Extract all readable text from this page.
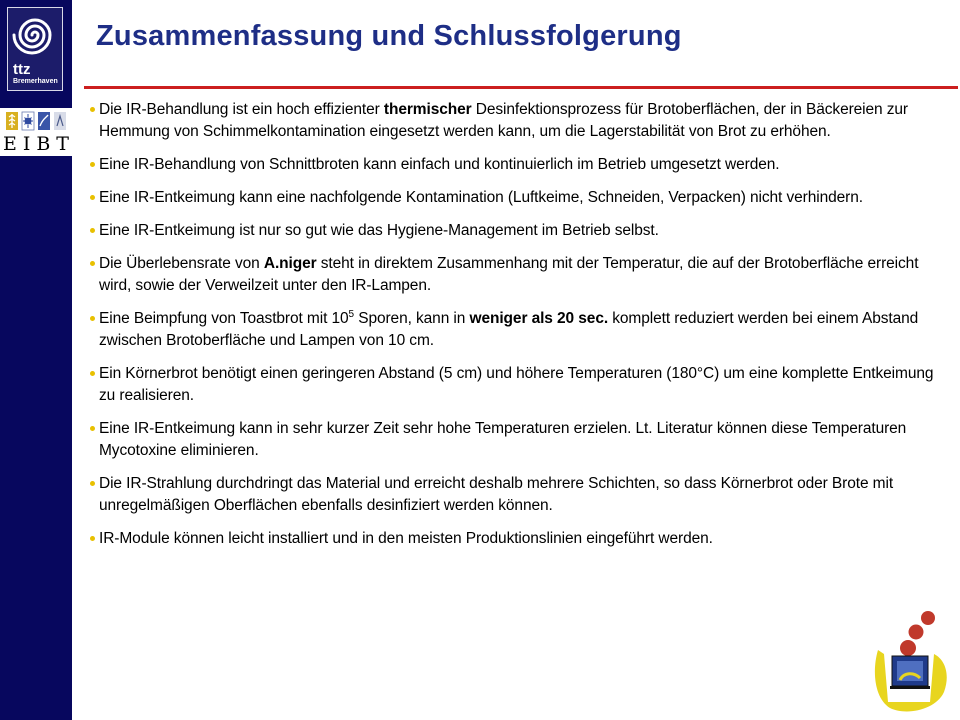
ttz
Bremerhaven
E I B T
Zusammenfassung und Schlussfolgerung
Die IR-Behandlung ist ein hoch effizienter thermischer Desinfektionsprozess für Brotoberflächen, der in Bäckereien zur Hemmung von Schimmelkontamination eingesetzt werden kann, um die Lagerstabilität von Brot zu erhöhen.
Eine IR-Behandlung von Schnittbroten kann einfach und kontinuierlich im Betrieb umgesetzt werden.
Eine IR-Entkeimung kann eine nachfolgende Kontamination (Luftkeime, Schneiden, Verpacken) nicht verhindern.
Eine IR-Entkeimung ist nur so gut wie das Hygiene-Management im Betrieb selbst.
Die Überlebensrate von A.niger steht in direktem Zusammenhang mit der Temperatur, die auf der Brotoberfläche erreicht wird, sowie der Verweilzeit unter den IR-Lampen.
Eine Beimpfung von Toastbrot mit $10^5$ Sporen, kann in weniger als 20 sec. komplett reduziert werden bei einem Abstand zwischen Brotoberfläche und Lampen von 10 cm.
Ein Körnerbrot benötigt einen geringeren Abstand (5 cm) und höhere Temperaturen (180°C) um eine komplette Entkeimung zu realisieren.
Eine IR-Entkeimung kann in sehr kurzer Zeit sehr hohe Temperaturen erzielen. Lt. Literatur können diese Temperaturen Mycotoxine eliminieren.
Die IR-Strahlung durchdringt das Material und erreicht deshalb mehrere Schichten, so dass Körnerbrot oder Brote mit unregelmäßigen Oberflächen ebenfalls desinfiziert werden können.
IR-Module können leicht installiert und in den meisten Produktionslinien eingeführt werden.
